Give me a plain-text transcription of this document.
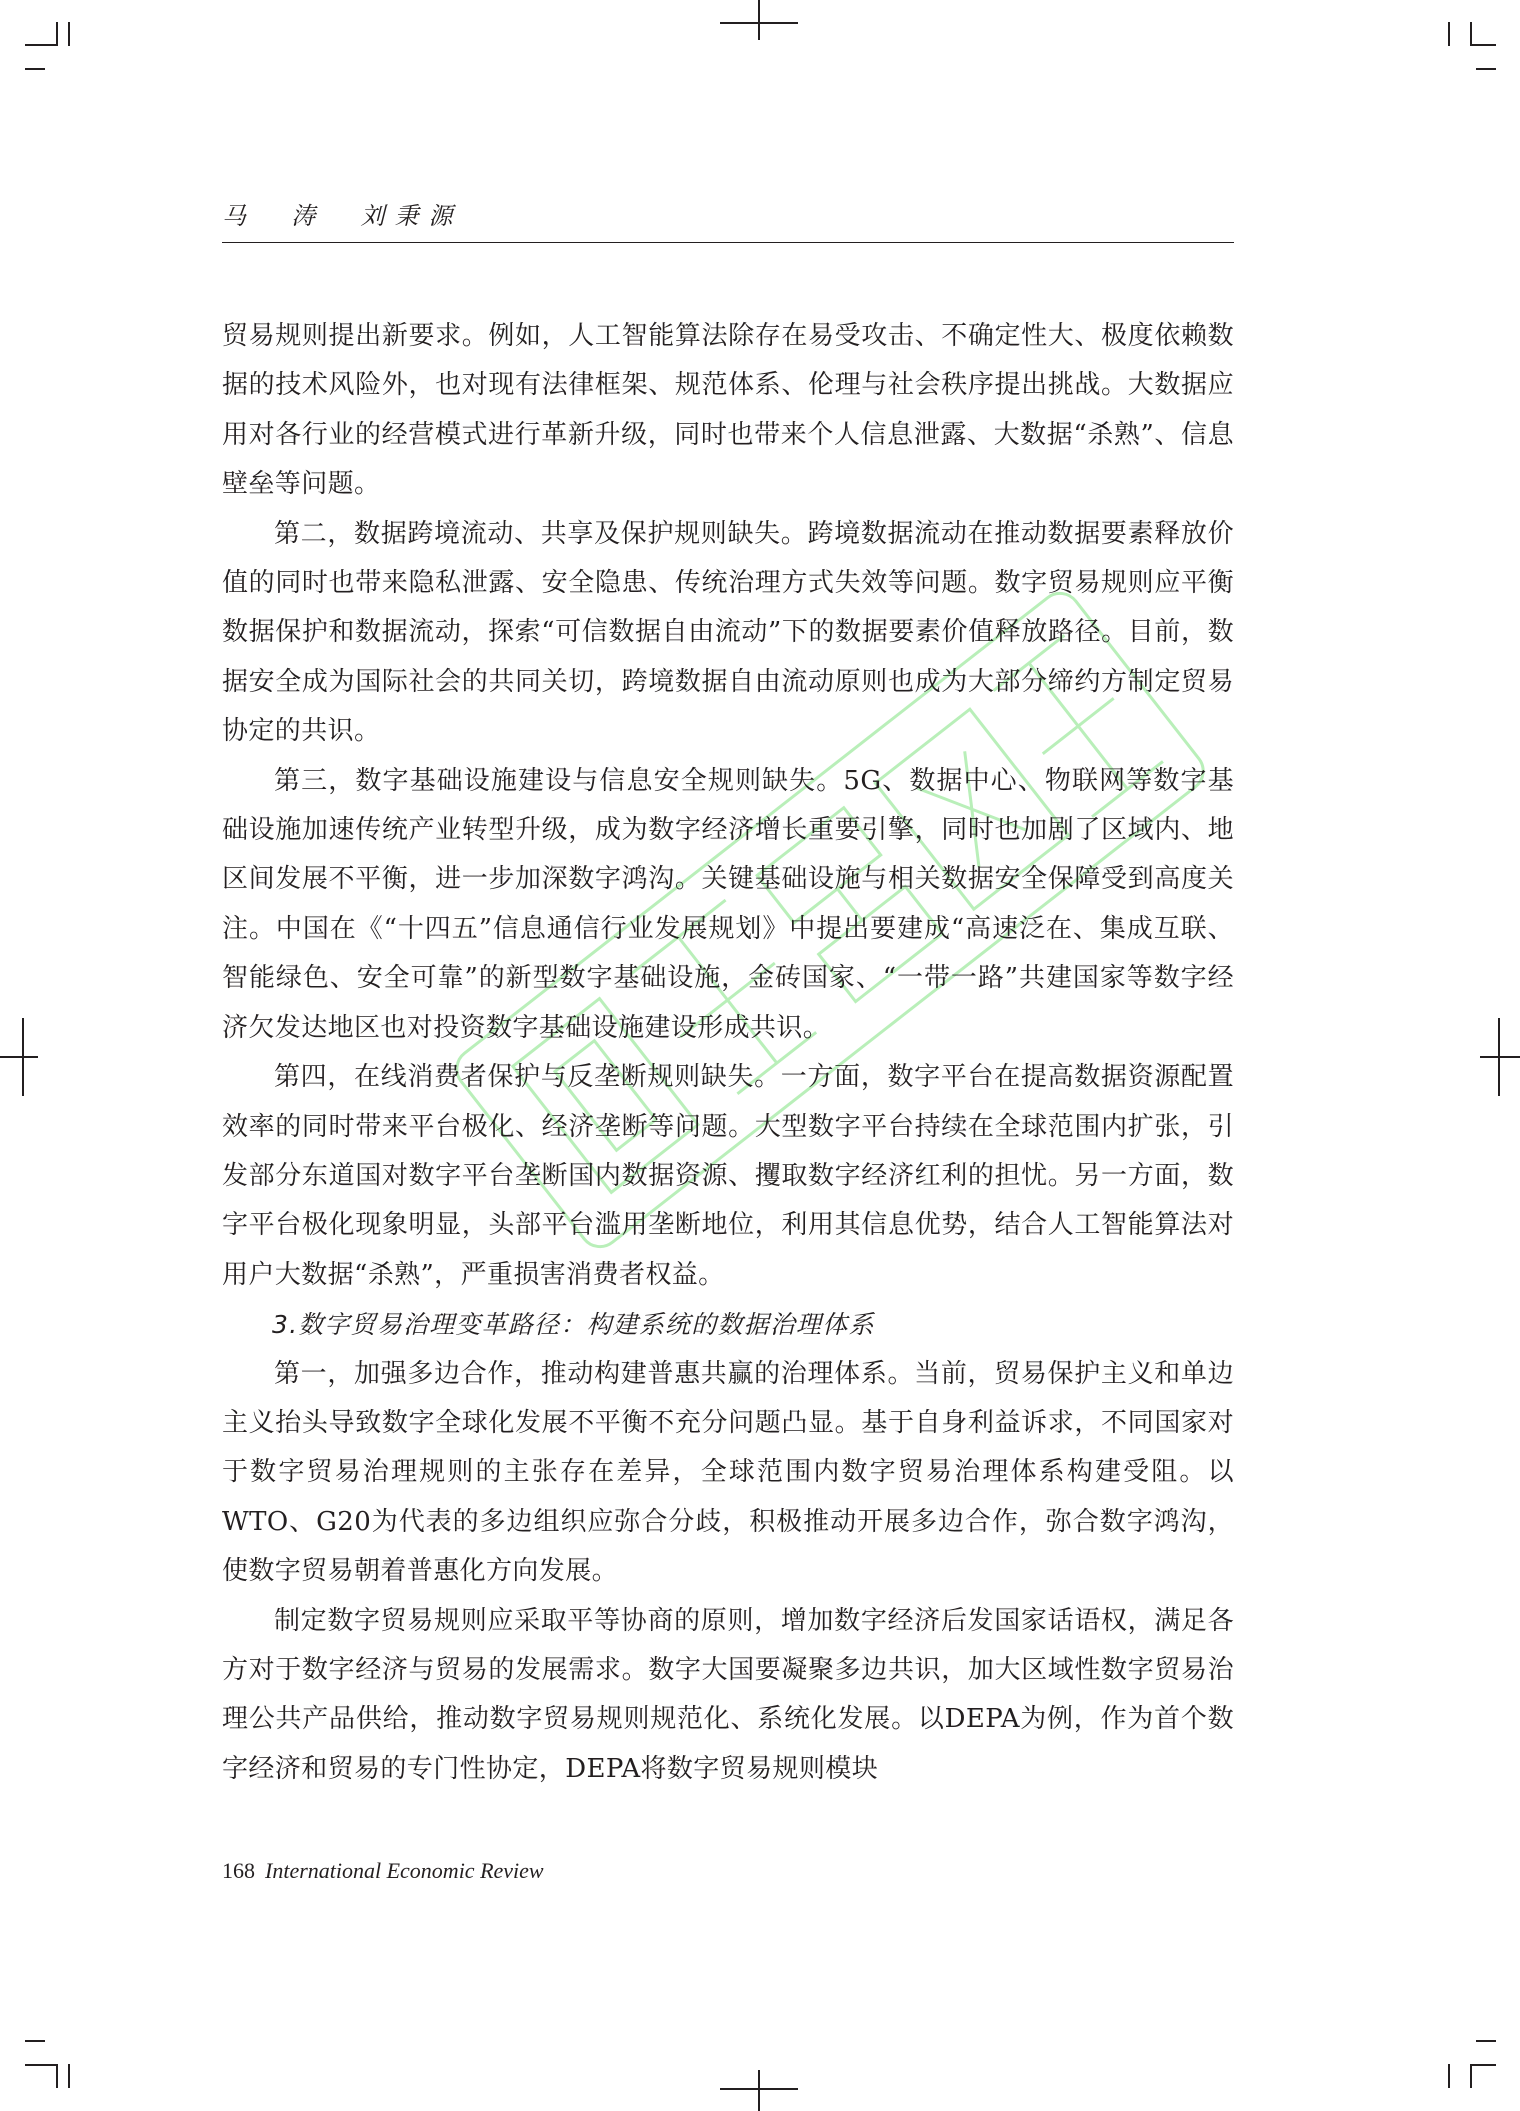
马  涛  刘秉源

贸易规则提出新要求。例如，人工智能算法除存在易受攻击、不确定性大、极度依赖数据的技术风险外，也对现有法律框架、规范体系、伦理与社会秩序提出挑战。大数据应用对各行业的经营模式进行革新升级，同时也带来个人信息泄露、大数据“杀熟”、信息壁垒等问题。

第二，数据跨境流动、共享及保护规则缺失。跨境数据流动在推动数据要素释放价值的同时也带来隐私泄露、安全隐患、传统治理方式失效等问题。数字贸易规则应平衡数据保护和数据流动，探索“可信数据自由流动”下的数据要素价值释放路径。目前，数据安全成为国际社会的共同关切，跨境数据自由流动原则也成为大部分缔约方制定贸易协定的共识。

第三，数字基础设施建设与信息安全规则缺失。5G、数据中心、物联网等数字基础设施加速传统产业转型升级，成为数字经济增长重要引擎，同时也加剧了区域内、地区间发展不平衡，进一步加深数字鸿沟。关键基础设施与相关数据安全保障受到高度关注。中国在《“十四五”信息通信行业发展规划》中提出要建成“高速泛在、集成互联、智能绿色、安全可靠”的新型数字基础设施，金砖国家、“一带一路”共建国家等数字经济欠发达地区也对投资数字基础设施建设形成共识。

第四，在线消费者保护与反垄断规则缺失。一方面，数字平台在提高数据资源配置效率的同时带来平台极化、经济垄断等问题。大型数字平台持续在全球范围内扩张，引发部分东道国对数字平台垄断国内数据资源、攫取数字经济红利的担忧。另一方面，数字平台极化现象明显，头部平台滥用垄断地位，利用其信息优势，结合人工智能算法对用户大数据“杀熟”，严重损害消费者权益。

3.数字贸易治理变革路径：构建系统的数据治理体系

第一，加强多边合作，推动构建普惠共赢的治理体系。当前，贸易保护主义和单边主义抬头导致数字全球化发展不平衡不充分问题凸显。基于自身利益诉求，不同国家对于数字贸易治理规则的主张存在差异，全球范围内数字贸易治理体系构建受阻。以WTO、G20为代表的多边组织应弥合分歧，积极推动开展多边合作，弥合数字鸿沟，使数字贸易朝着普惠化方向发展。

制定数字贸易规则应采取平等协商的原则，增加数字经济后发国家话语权，满足各方对于数字经济与贸易的发展需求。数字大国要凝聚多边共识，加大区域性数字贸易治理公共产品供给，推动数字贸易规则规范化、系统化发展。以DEPA为例，作为首个数字经济和贸易的专门性协定，DEPA将数字贸易规则模块

168 International Economic Review
